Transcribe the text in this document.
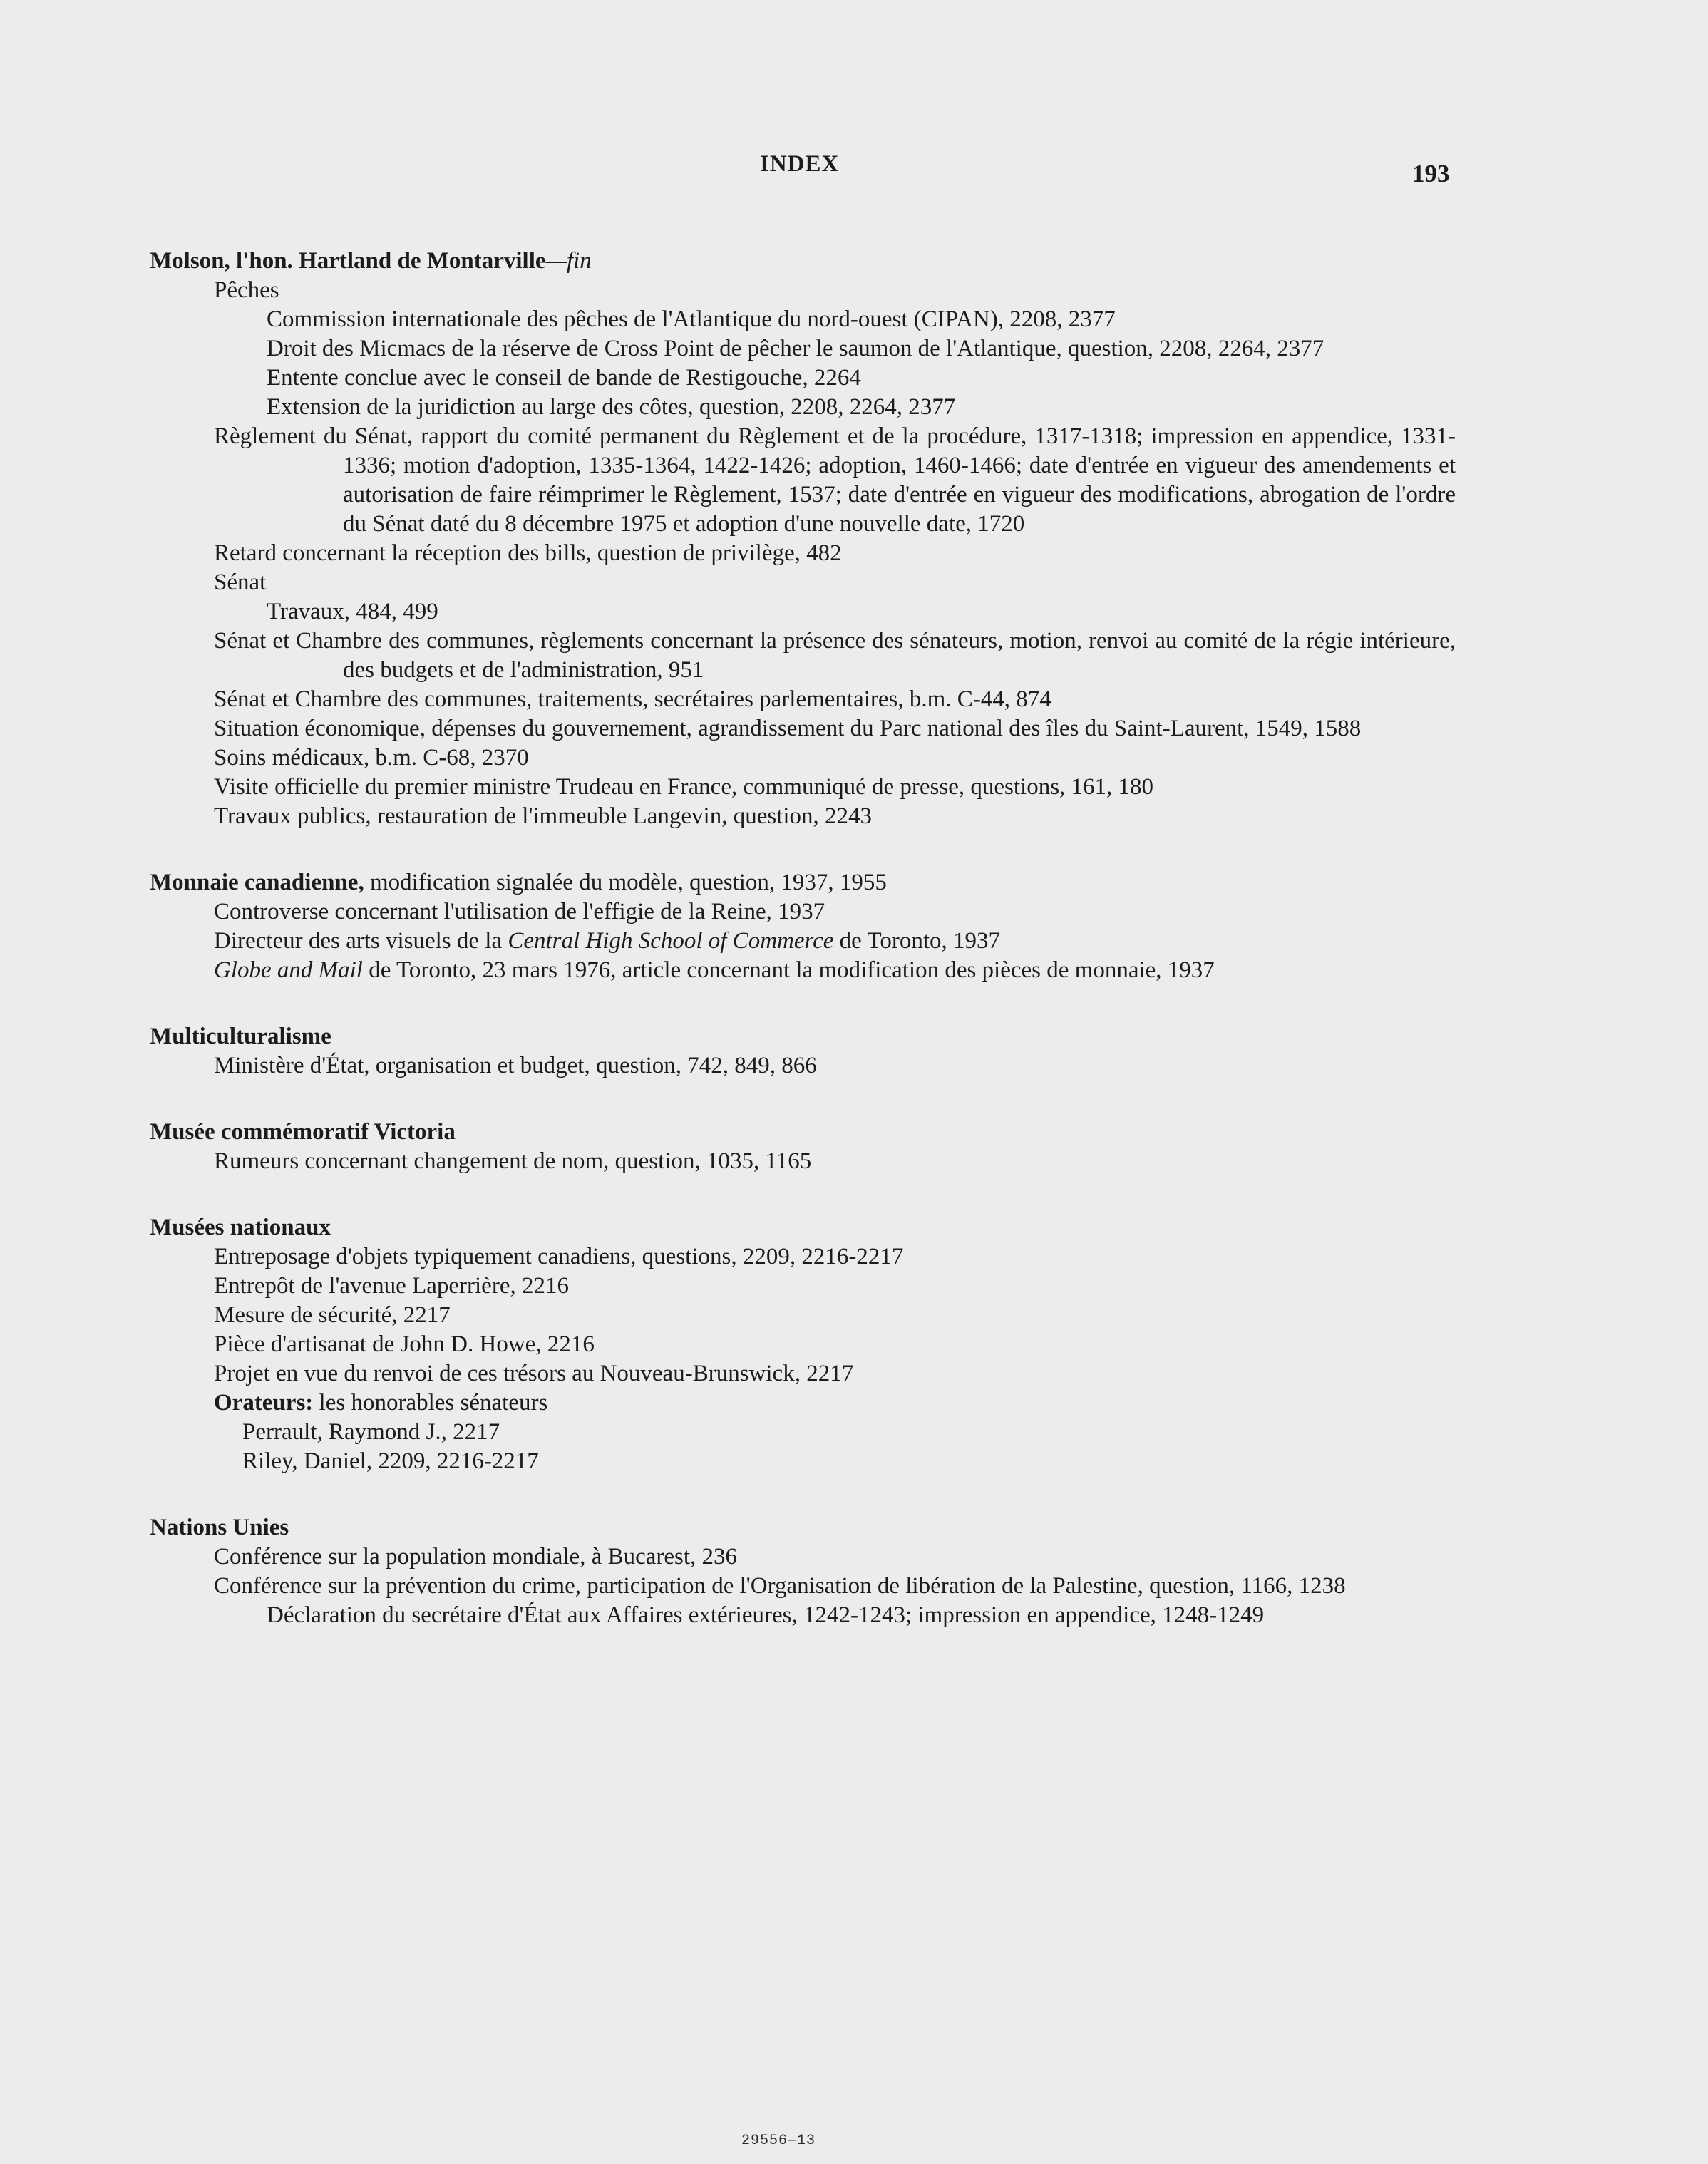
INDEX	193
Molson, l'hon. Hartland de Montarville—fin
Pêches
Commission internationale des pêches de l'Atlantique du nord-ouest (CIPAN), 2208, 2377
Droit des Micmacs de la réserve de Cross Point de pêcher le saumon de l'Atlantique, question, 2208, 2264, 2377
Entente conclue avec le conseil de bande de Restigouche, 2264
Extension de la juridiction au large des côtes, question, 2208, 2264, 2377
Règlement du Sénat, rapport du comité permanent du Règlement et de la procédure, 1317-1318; impression en appendice, 1331-1336; motion d'adoption, 1335-1364, 1422-1426; adoption, 1460-1466; date d'entrée en vigueur des amendements et autorisation de faire réimprimer le Règlement, 1537; date d'entrée en vigueur des modifications, abrogation de l'ordre du Sénat daté du 8 décembre 1975 et adoption d'une nouvelle date, 1720
Retard concernant la réception des bills, question de privilège, 482
Sénat
Travaux, 484, 499
Sénat et Chambre des communes, règlements concernant la présence des sénateurs, motion, renvoi au comité de la régie intérieure, des budgets et de l'administration, 951
Sénat et Chambre des communes, traitements, secrétaires parlementaires, b.m. C-44, 874
Situation économique, dépenses du gouvernement, agrandissement du Parc national des îles du Saint-Laurent, 1549, 1588
Soins médicaux, b.m. C-68, 2370
Visite officielle du premier ministre Trudeau en France, communiqué de presse, questions, 161, 180
Travaux publics, restauration de l'immeuble Langevin, question, 2243
Monnaie canadienne, modification signalée du modèle, question, 1937, 1955
Controverse concernant l'utilisation de l'effigie de la Reine, 1937
Directeur des arts visuels de la Central High School of Commerce de Toronto, 1937
Globe and Mail de Toronto, 23 mars 1976, article concernant la modification des pièces de monnaie, 1937
Multiculturalisme
Ministère d'État, organisation et budget, question, 742, 849, 866
Musée commémoratif Victoria
Rumeurs concernant changement de nom, question, 1035, 1165
Musées nationaux
Entreposage d'objets typiquement canadiens, questions, 2209, 2216-2217
Entrepôt de l'avenue Laperrière, 2216
Mesure de sécurité, 2217
Pièce d'artisanat de John D. Howe, 2216
Projet en vue du renvoi de ces trésors au Nouveau-Brunswick, 2217
Orateurs: les honorables sénateurs
Perrault, Raymond J., 2217
Riley, Daniel, 2209, 2216-2217
Nations Unies
Conférence sur la population mondiale, à Bucarest, 236
Conférence sur la prévention du crime, participation de l'Organisation de libération de la Palestine, question, 1166, 1238
Déclaration du secrétaire d'État aux Affaires extérieures, 1242-1243; impression en appendice, 1248-1249
29556—13
